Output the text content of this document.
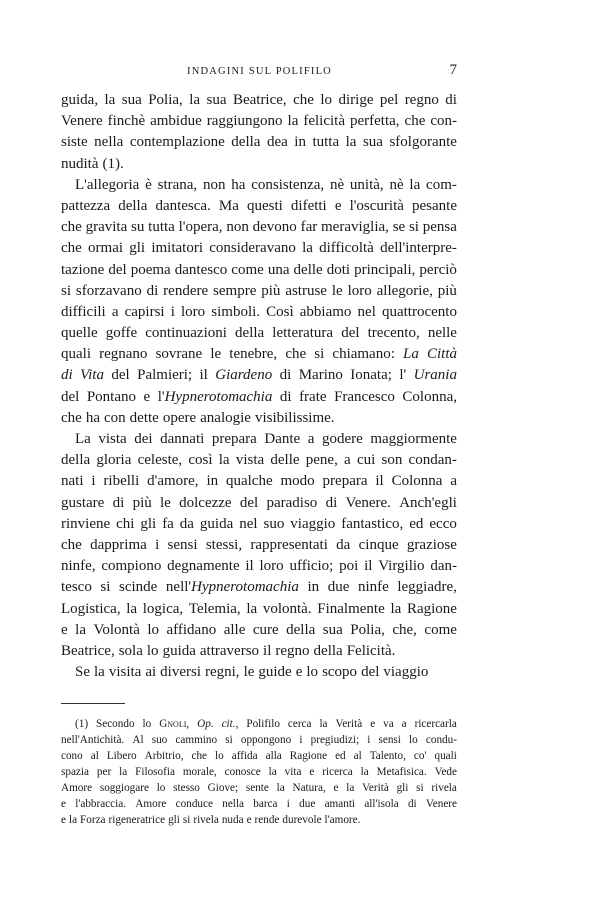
INDAGINI SUL POLIFILO	7
guida, la sua Polia, la sua Beatrice, che lo dirige pel regno di
Venere finchè ambidue raggiungono la felicità perfetta, che con-
siste nella contemplazione della dea in tutta la sua sfolgorante
nudità (1).
L'allegoria è strana, non ha consistenza, nè unità, nè la com-
pattezza della dantesca. Ma questi difetti e l'oscurità pesante
che gravita su tutta l'opera, non devono far meraviglia, se si pensa
che ormai gli imitatori consideravano la difficoltà dell'interpre-
tazione del poema dantesco come una delle doti principali, perciò
si sforzavano di rendere sempre più astruse le loro allegorie, più
difficili a capirsi i loro simboli. Così abbiamo nel quattrocento
quelle goffe continuazioni della letteratura del trecento, nelle
quali regnano sovrane le tenebre, che si chiamano: La Città
di Vita del Palmieri; il Giardeno di Marino Ionata; l' Urania
del Pontano e l'Hypnerotomachia di frate Francesco Colonna,
che ha con dette opere analogie visibilissime.
La vista dei dannati prepara Dante a godere maggiormente
della gloria celeste, così la vista delle pene, a cui son condan-
nati i ribelli d'amore, in qualche modo prepara il Colonna a
gustare di più le dolcezze del paradiso di Venere. Anch'egli
rinviene chi gli fa da guida nel suo viaggio fantastico, ed ecco
che dapprima i sensi stessi, rappresentati da cinque graziose
ninfe, compiono degnamente il loro ufficio; poi il Virgilio dan-
tesco si scinde nell'Hypnerotomachia in due ninfe leggiadre,
Logistica, la logica, Telemia, la volontà. Finalmente la Ragione
e la Volontà lo affidano alle cure della sua Polia, che, come
Beatrice, sola lo guida attraverso il regno della Felicità.
Se la visita ai diversi regni, le guide e lo scopo del viaggio
(1) Secondo lo Gnoli, Op. cit., Polifilo cerca la Verità e va a ricercarla
nell'Antichità. Al suo cammino si oppongono i pregiudizi; i sensi lo condu-
cono al Libero Arbitrio, che lo affida alla Ragione ed al Talento, co' quali
spazia per la Filosofia morale, conosce la vita e ricerca la Metafisica. Vede
Amore soggiogare lo stesso Giove; sente la Natura, e la Verità gli si rivela
e l'abbraccia. Amore conduce nella barca i due amanti all'isola di Venere
e la Forza rigeneratrice gli si rivela nuda e rende durevole l'amore.
